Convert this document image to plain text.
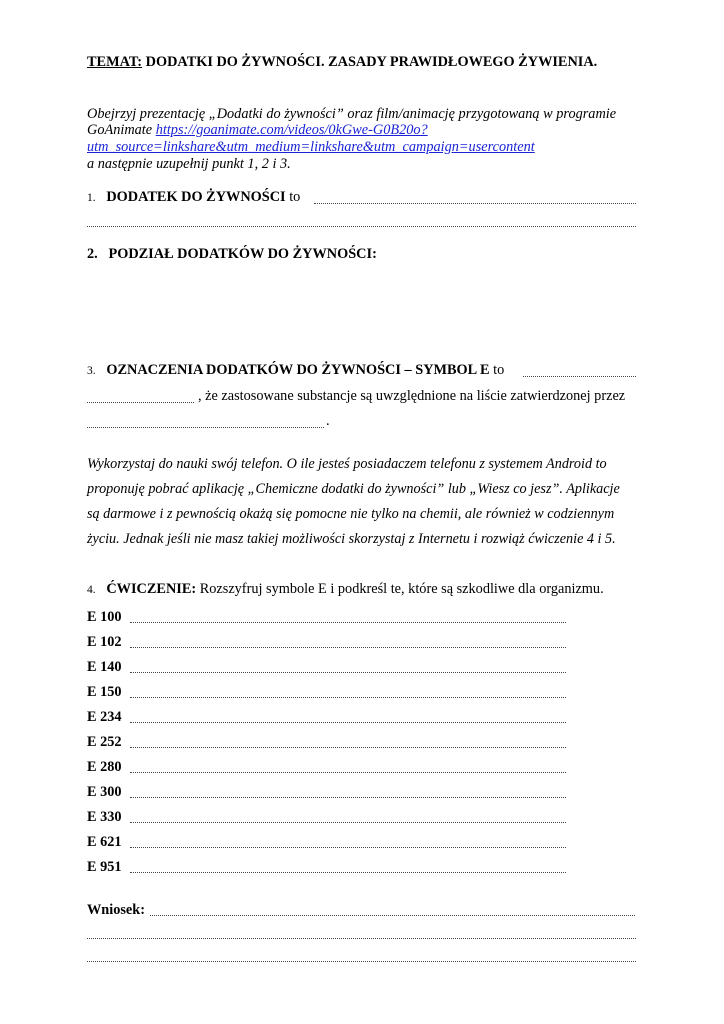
TEMAT: DODATKI DO ŻYWNOŚCI. ZASADY PRAWIDŁOWEGO ŻYWIENIA.
Obejrzyj prezentację „Dodatki do żywności” oraz film/animację przygotowaną w programie
GoAnimate https://goanimate.com/videos/0kGwe-G0B20o?
utm_source=linkshare&utm_medium=linkshare&utm_campaign=usercontent
a następnie uzupełnij punkt 1, 2 i 3.
1. DODATEK DO ŻYWNOŚCI to
2. PODZIAŁ DODATKÓW DO ŻYWNOŚCI:
3. OZNACZENIA DODATKÓW DO ŻYWNOŚCI – SYMBOL E to
, że zastosowane substancje są uwzględnione na liście zatwierdzonej przez
.
Wykorzystaj do nauki swój telefon. O ile jesteś posiadaczem telefonu z systemem Android to
proponuję pobrać aplikację „Chemiczne dodatki do żywności” lub „Wiesz co jesz”. Aplikacje
są darmowe i z pewnością okażą się pomocne nie tylko na chemii, ale również w codziennym
życiu. Jednak jeśli nie masz takiej możliwości skorzystaj z Internetu i rozwiąż ćwiczenie 4 i 5.
4. ĆWICZENIE: Rozszyfruj symbole E i podkreśl te, które są szkodliwe dla organizmu.
E 100
E 102
E 140
E 150
E 234
E 252
E 280
E 300
E 330
E 621
E 951
Wniosek:
